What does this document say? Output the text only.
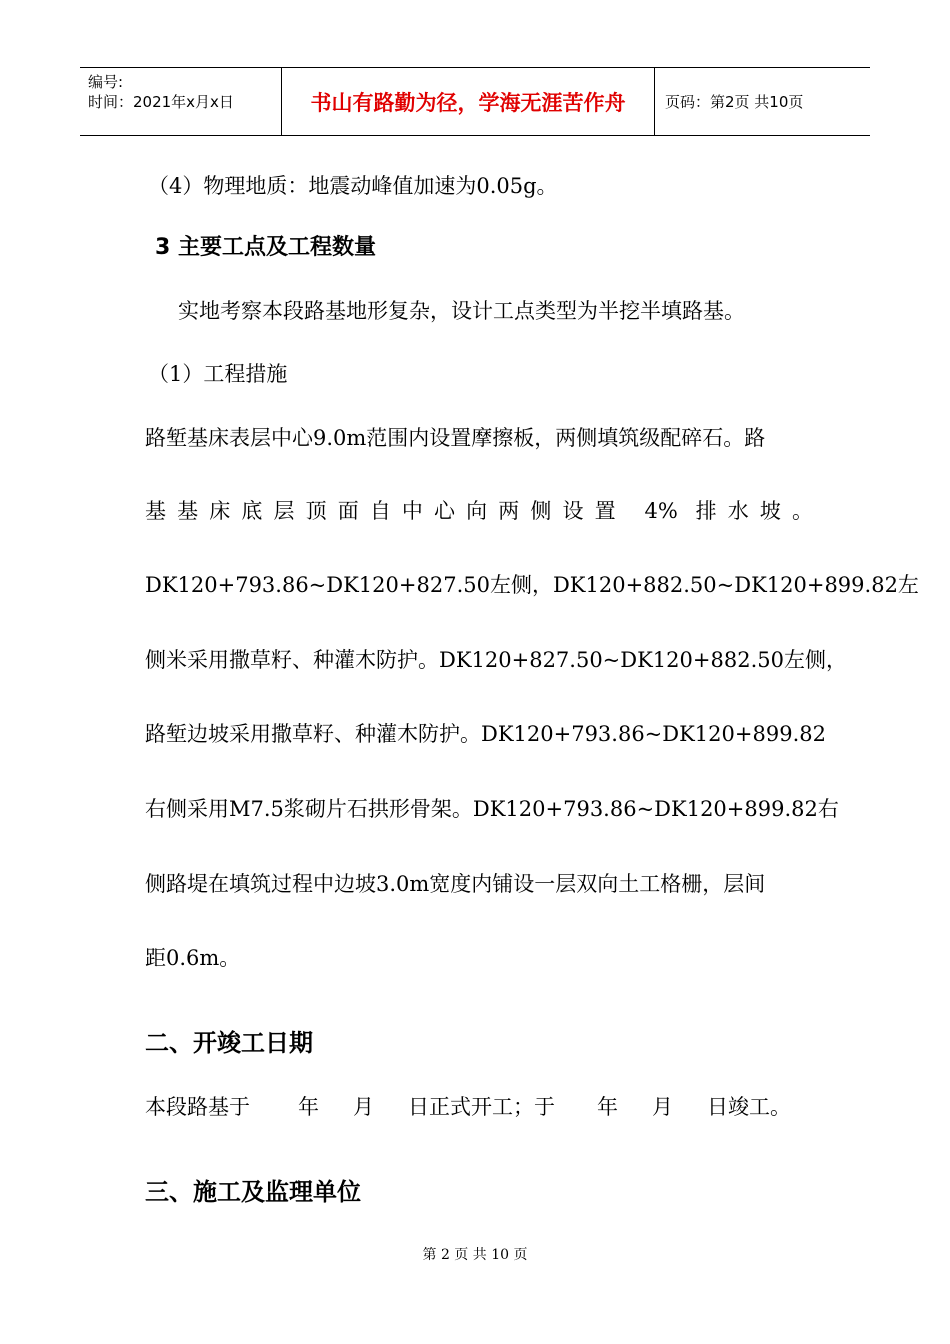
编号:
时间：2021年x月x日	书山有路勤为径，学海无涯苦作舟	页码：第2页 共10页
（4）物理地质：地震动峰值加速为0.05g。
3 主要工点及工程数量
实地考察本段路基地形复杂，设计工点类型为半挖半填路基。
（1）工程措施
路堑基床表层中心9.0m范围内设置摩擦板，两侧填筑级配碎石。路
基基床底层顶面自中心向两侧设置 4% 排水坡。
DK120+793.86~DK120+827.50左侧，DK120+882.50~DK120+899.82左
侧米采用撒草籽、种灌木防护。DK120+827.50~DK120+882.50左侧，
路堑边坡采用撒草籽、种灌木防护。DK120+793.86~DK120+899.82
右侧采用M7.5浆砌片石拱形骨架。DK120+793.86~DK120+899.82右
侧路堤在填筑过程中边坡3.0m宽度内铺设一层双向土工格栅，层间
距0.6m。
二、开竣工日期
本段路基于 年 月 日正式开工；于 年 月 日竣工。
三、施工及监理单位
第 2 页 共 10 页
